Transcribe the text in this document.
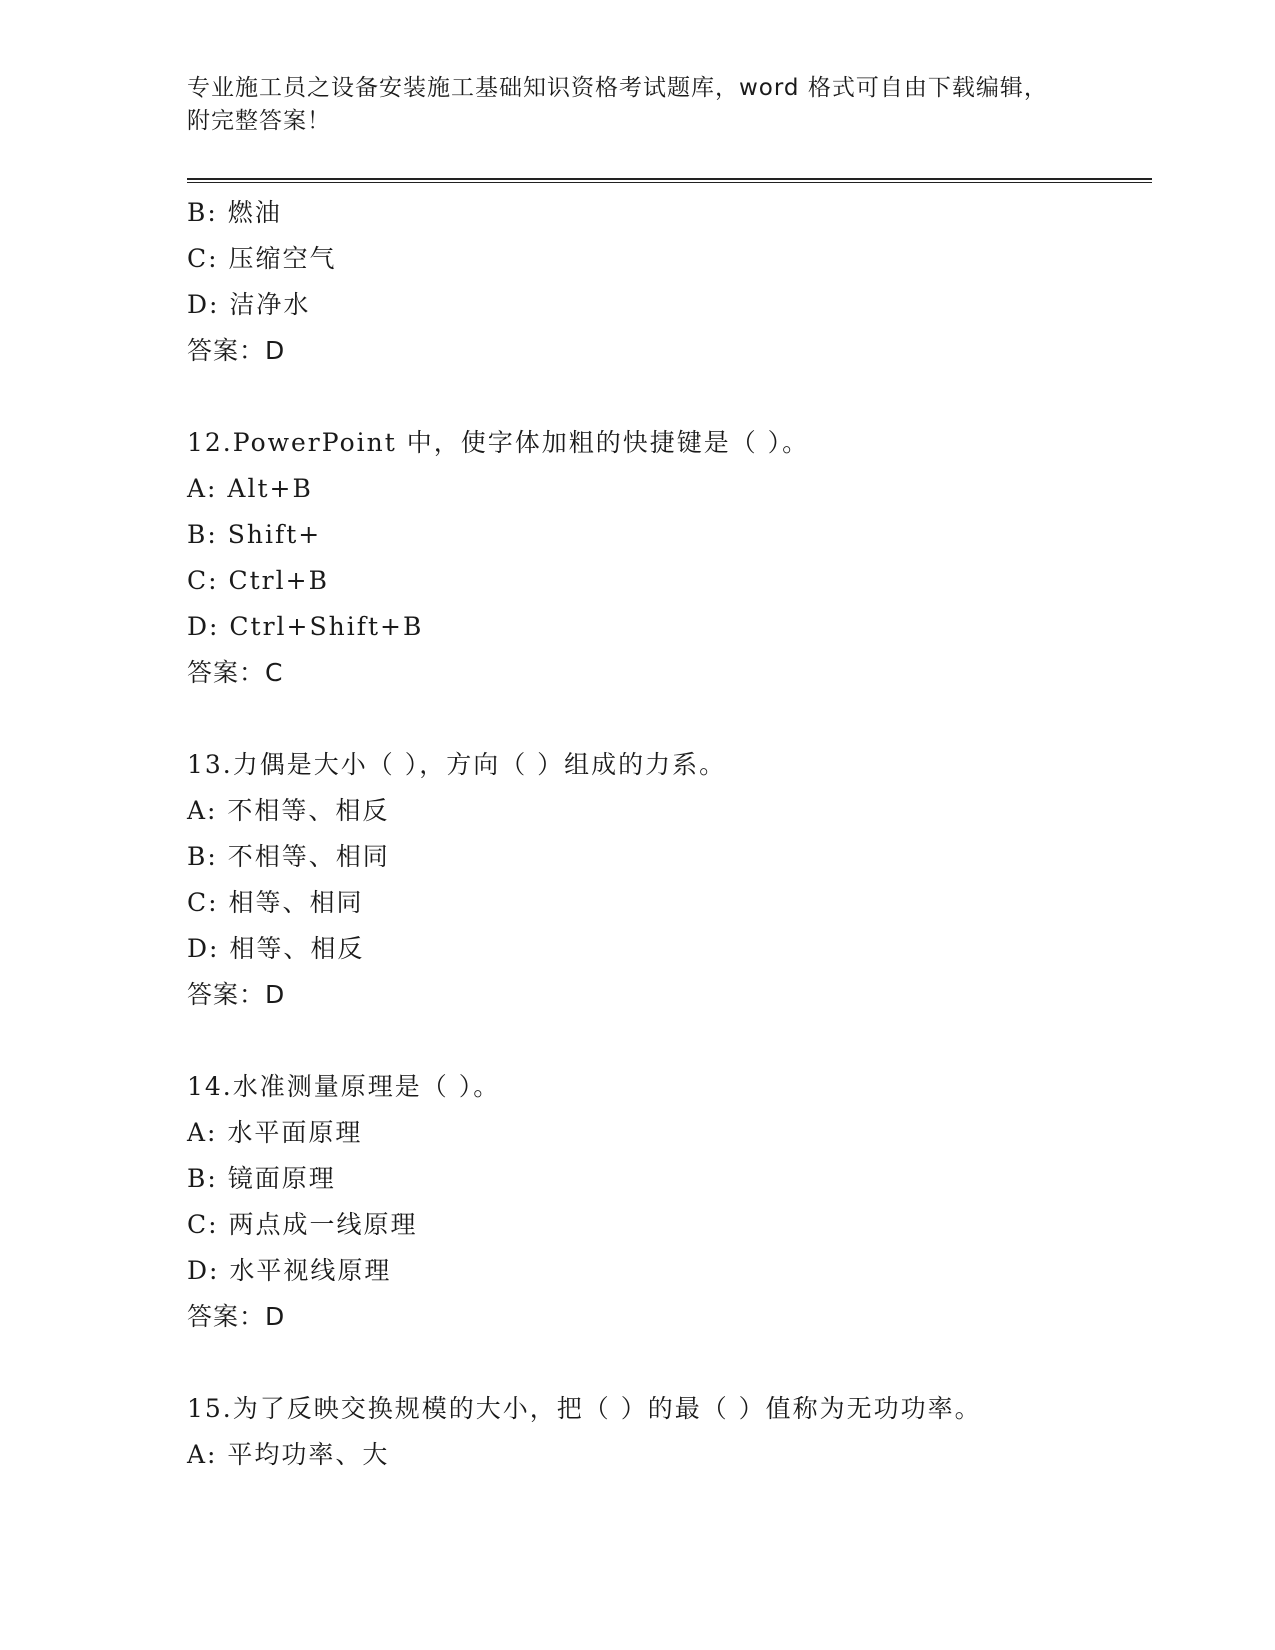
专业施工员之设备安装施工基础知识资格考试题库，word 格式可自由下载编辑，
附完整答案！
B: 燃油
C: 压缩空气
D: 洁净水
答案：D
12.PowerPoint 中，使字体加粗的快捷键是（ ）。
A: Alt+B
B: Shift+
C: Ctrl+B
D: Ctrl+Shift+B
答案：C
13.力偶是大小（ ），方向（ ）组成的力系。
A: 不相等、相反
B: 不相等、相同
C: 相等、相同
D: 相等、相反
答案：D
14.水准测量原理是（ ）。
A: 水平面原理
B: 镜面原理
C: 两点成一线原理
D: 水平视线原理
答案：D
15.为了反映交换规模的大小，把（ ）的最（ ）值称为无功功率。
A: 平均功率、大
